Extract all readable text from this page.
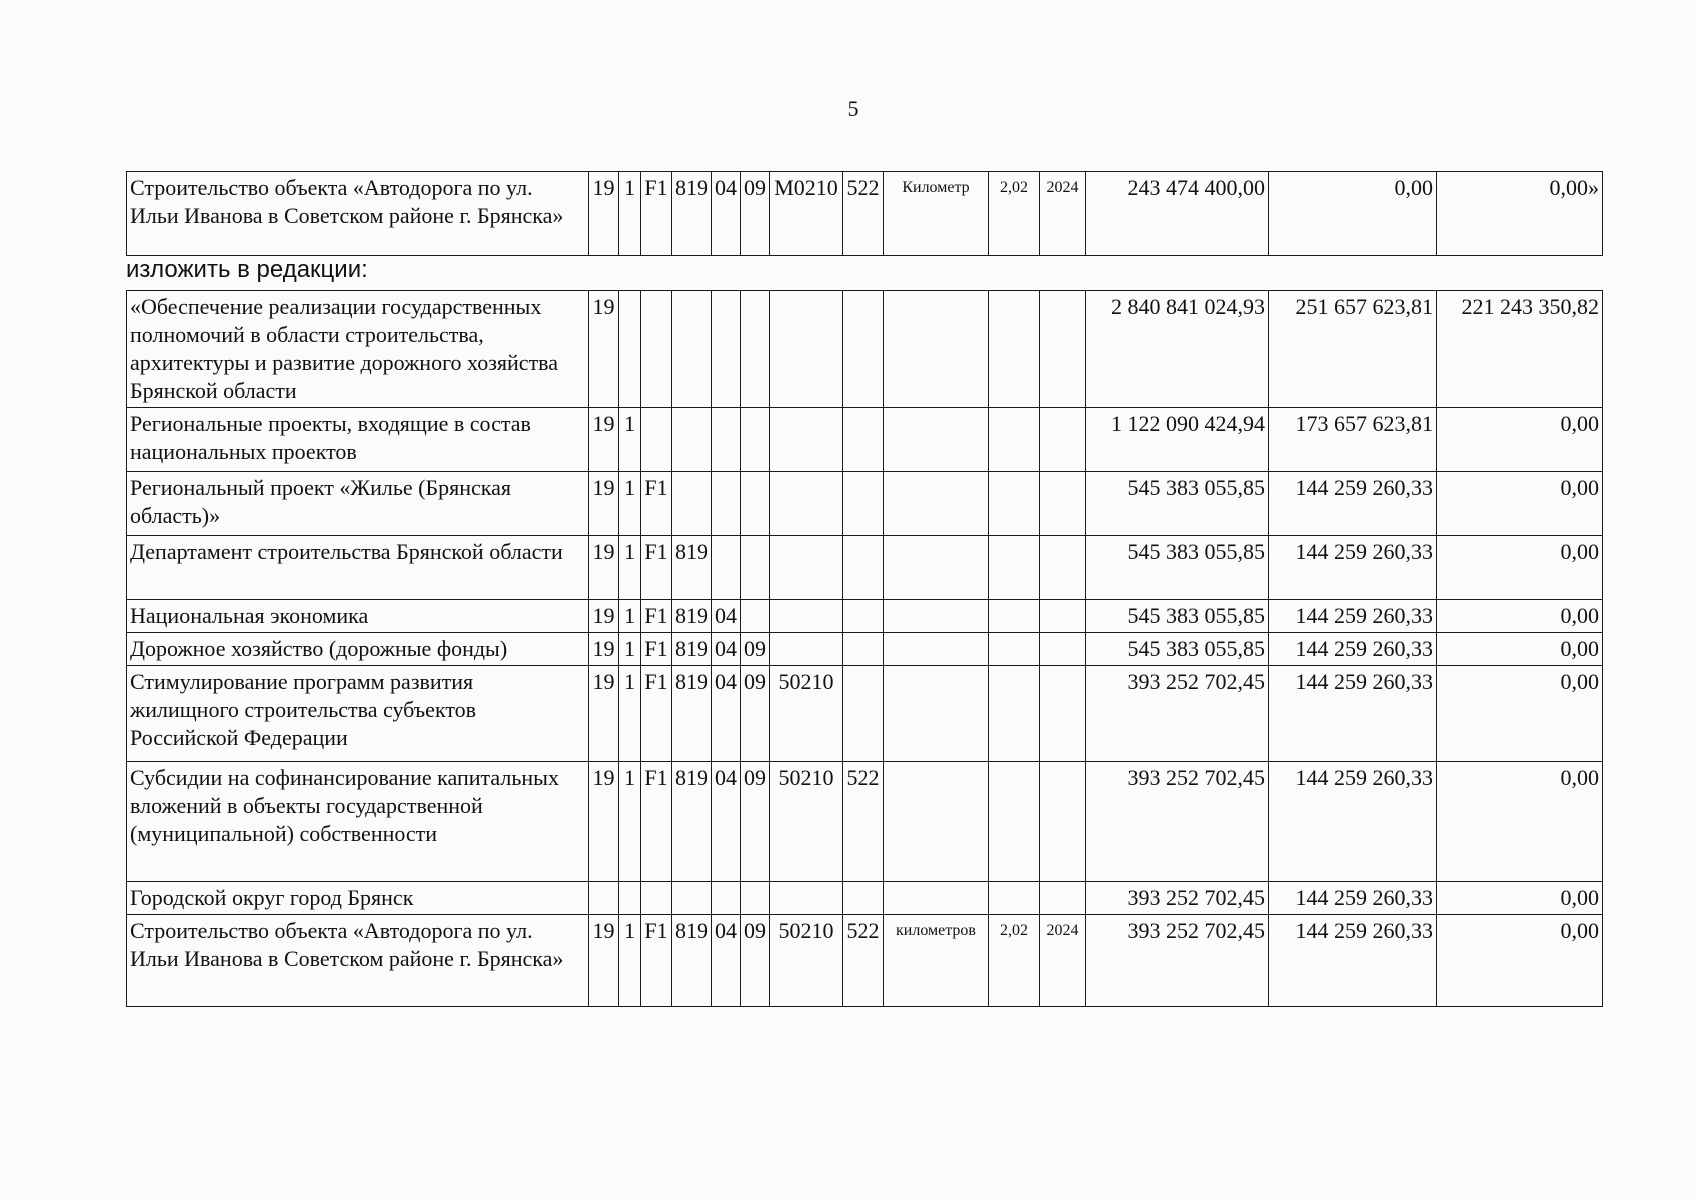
5
Строительство объекта «Автодорога по ул. Ильи Иванова в Советском районе г. Брянска»	19	1	F1	819	04	09	М0210	522	Километр	2,02	2024	243 474 400,00	0,00	0,00»
изложить в редакции:
«Обеспечение реализации государственных полномочий в области строительства, архитектуры и развитие дорожного хозяйства Брянской области	19											2 840 841 024,93	251 657 623,81	221 243 350,82
Региональные проекты, входящие в состав национальных проектов	19	1										1 122 090 424,94	173 657 623,81	0,00
Региональный проект «Жилье (Брянская область)»	19	1	F1									545 383 055,85	144 259 260,33	0,00
Департамент строительства Брянской области	19	1	F1	819								545 383 055,85	144 259 260,33	0,00
Национальная экономика	19	1	F1	819	04							545 383 055,85	144 259 260,33	0,00
Дорожное хозяйство (дорожные фонды)	19	1	F1	819	04	09						545 383 055,85	144 259 260,33	0,00
Стимулирование программ развития жилищного строительства субъектов Российской Федерации	19	1	F1	819	04	09	50210					393 252 702,45	144 259 260,33	0,00
Субсидии на софинансирование капитальных вложений в объекты государственной (муниципальной) собственности	19	1	F1	819	04	09	50210	522				393 252 702,45	144 259 260,33	0,00
Городской округ город Брянск												393 252 702,45	144 259 260,33	0,00
Строительство объекта «Автодорога по ул. Ильи Иванова в Советском районе г. Брянска»	19	1	F1	819	04	09	50210	522	километров	2,02	2024	393 252 702,45	144 259 260,33	0,00
